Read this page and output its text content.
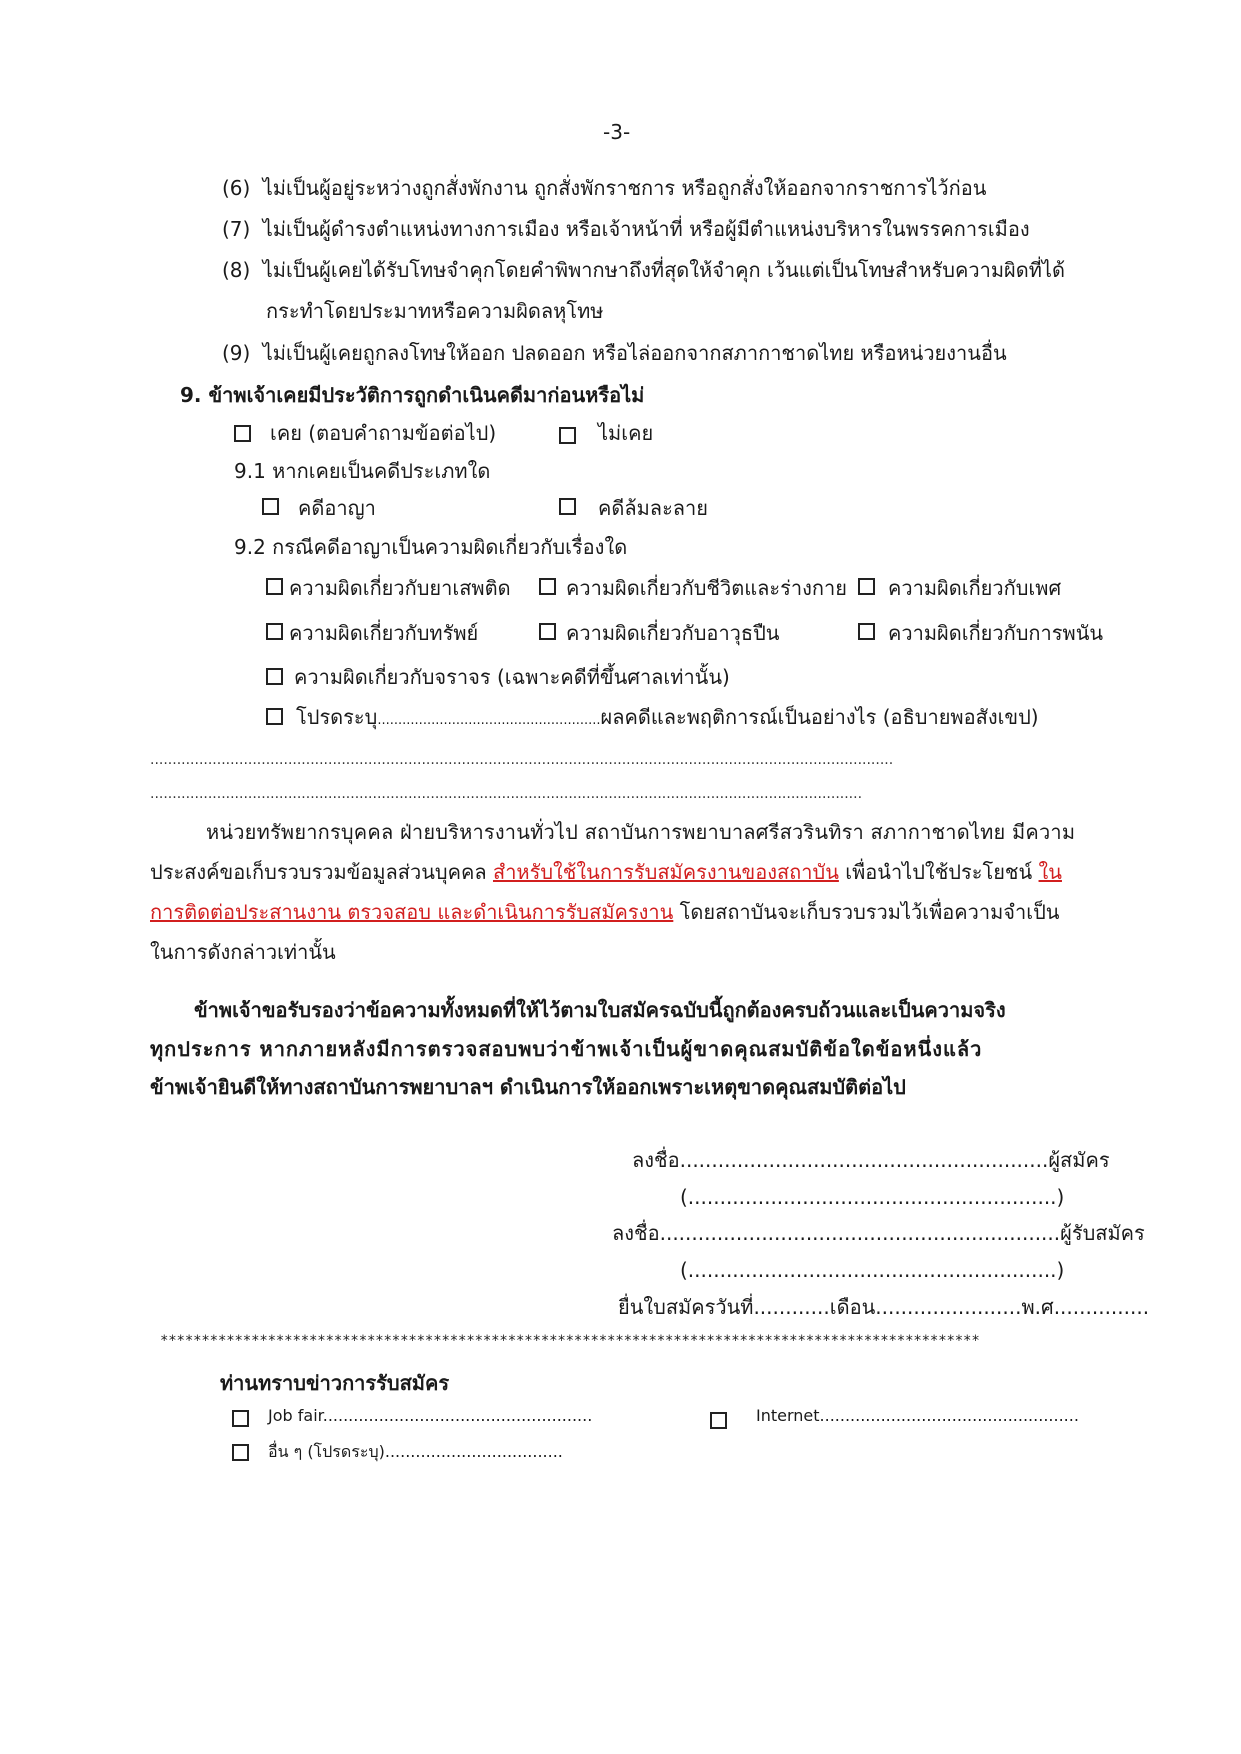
-3-
(6) ไม่เป็นผู้อยู่ระหว่างถูกสั่งพักงาน ถูกสั่งพักราชการ หรือถูกสั่งให้ออกจากราชการไว้ก่อน
(7) ไม่เป็นผู้ดำรงตำแหน่งทางการเมือง หรือเจ้าหน้าที่ หรือผู้มีตำแหน่งบริหารในพรรคการเมือง
(8) ไม่เป็นผู้เคยได้รับโทษจำคุกโดยคำพิพากษาถึงที่สุดให้จำคุก เว้นแต่เป็นโทษสำหรับความผิดที่ได้
กระทำโดยประมาทหรือความผิดลหุโทษ
(9) ไม่เป็นผู้เคยถูกลงโทษให้ออก ปลดออก หรือไล่ออกจากสภากาชาดไทย หรือหน่วยงานอื่น
9. ข้าพเจ้าเคยมีประวัติการถูกดำเนินคดีมาก่อนหรือไม่
เคย (ตอบคำถามข้อต่อไป)	ไม่เคย
9.1 หากเคยเป็นคดีประเภทใด
คดีอาญา	คดีล้มละลาย
9.2 กรณีคดีอาญาเป็นความผิดเกี่ยวกับเรื่องใด
ความผิดเกี่ยวกับยาเสพติด	ความผิดเกี่ยวกับชีวิตและร่างกาย ความผิดเกี่ยวกับเพศ
ความผิดเกี่ยวกับทรัพย์	ความผิดเกี่ยวกับอาวุธปืน	ความผิดเกี่ยวกับการพนัน
ความผิดเกี่ยวกับจราจร (เฉพาะคดีที่ขึ้นศาลเท่านั้น)
โปรดระบุ......................................................ผลคดีและพฤติการณ์เป็นอย่างไร (อธิบายพอสังเขป)
.......................................................................................................................................................................
................................................................................................................................................................
หน่วยทรัพยากรบุคคล ฝ่ายบริหารงานทั่วไป สถาบันการพยาบาลศรีสวรินทิรา สภากาชาดไทย มีความ
ประสงค์ขอเก็บรวบรวมข้อมูลส่วนบุคคล สำหรับใช้ในการรับสมัครงานของสถาบัน เพื่อนำไปใช้ประโยชน์ ใน
การติดต่อประสานงาน ตรวจสอบ และดำเนินการรับสมัครงาน โดยสถาบันจะเก็บรวบรวมไว้เพื่อความจำเป็น
ในการดังกล่าวเท่านั้น
ข้าพเจ้าขอรับรองว่าข้อความทั้งหมดที่ให้ไว้ตามใบสมัครฉบับนี้ถูกต้องครบถ้วนและเป็นความจริง
ทุกประการ หากภายหลังมีการตรวจสอบพบว่าข้าพเจ้าเป็นผู้ขาดคุณสมบัติข้อใดข้อหนึ่งแล้ว
ข้าพเจ้ายินดีให้ทางสถาบันการพยาบาลฯ ดำเนินการให้ออกเพราะเหตุขาดคุณสมบัติต่อไป
ลงชื่อ..........................................................ผู้สมัคร
(..........................................................)
ลงชื่อ...............................................................ผู้รับสมัคร
(..........................................................)
ยื่นใบสมัครวันที่............เดือน.......................พ.ศ...............
***************************************************************************************************
ท่านทราบข่าวการรับสมัคร
Job fair.....................................................	Internet...................................................
อื่น ๆ (โปรดระบุ)...................................
